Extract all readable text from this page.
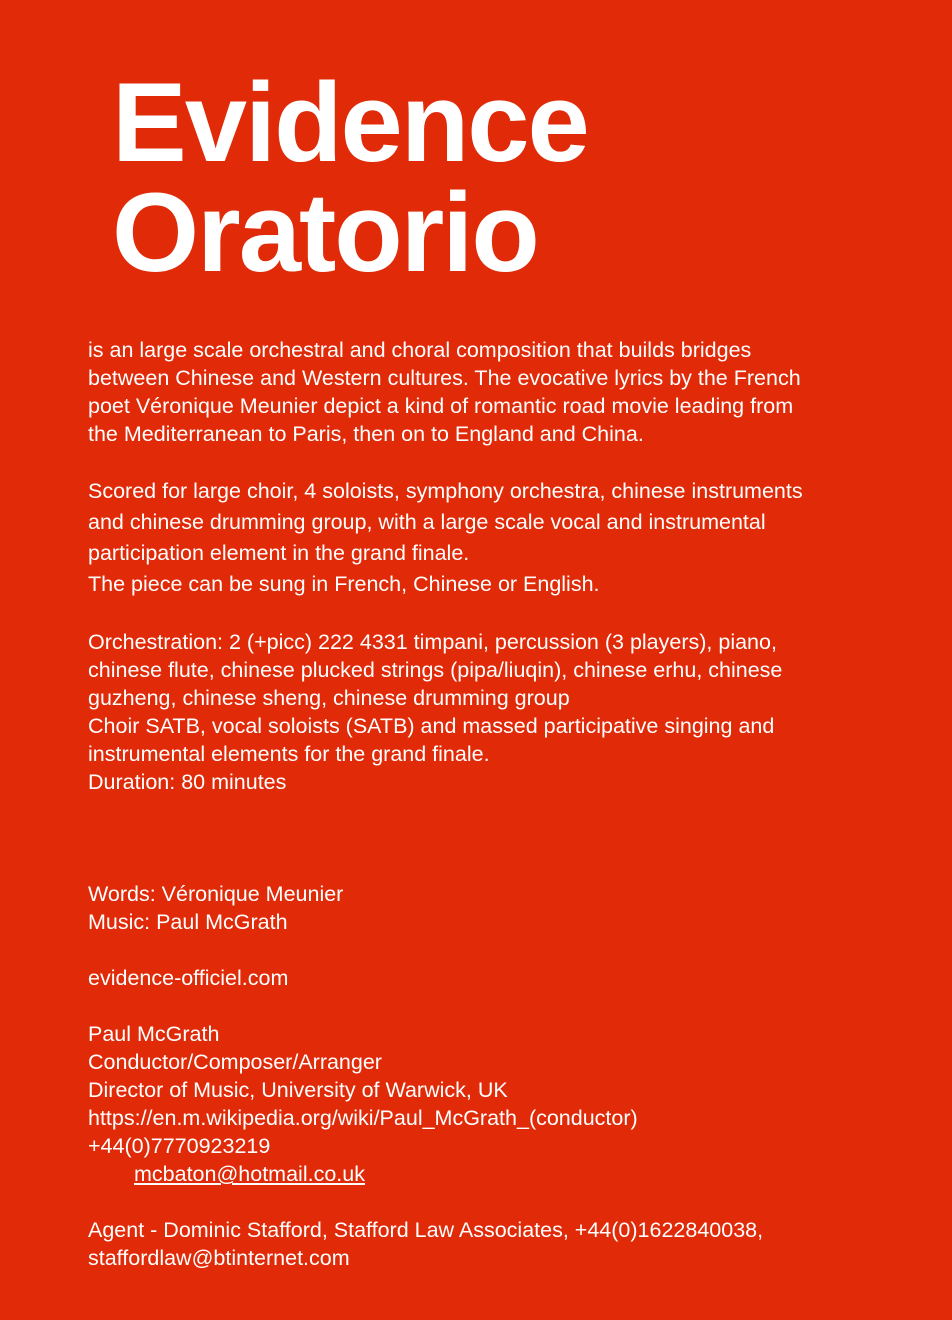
Evidence
Oratorio

is an large scale orchestral and choral composition that builds bridges
between Chinese and Western cultures. The evocative lyrics by the French
poet Véronique Meunier depict a kind of romantic road movie leading from
the Mediterranean to Paris, then on to England and China.

Scored for large choir, 4 soloists, symphony orchestra, chinese instruments
and chinese drumming group, with a large scale vocal and instrumental
participation element in the grand finale.
The piece can be sung in French, Chinese or English.

Orchestration: 2 (+picc) 222 4331 timpani, percussion (3 players), piano,
chinese flute, chinese plucked strings (pipa/liuqin), chinese erhu, chinese
guzheng, chinese sheng, chinese drumming group
Choir SATB, vocal soloists (SATB) and massed participative singing and
instrumental elements for the grand finale.
Duration: 80 minutes

Words: Véronique Meunier
Music: Paul McGrath

evidence-officiel.com

Paul McGrath
Conductor/Composer/Arranger
Director of Music, University of Warwick, UK
https://en.m.wikipedia.org/wiki/Paul_McGrath_(conductor)
+44(0)7770923219
mcbaton@hotmail.co.uk

Agent - Dominic Stafford, Stafford Law Associates, +44(0)1622840038,
staffordlaw@btinternet.com
